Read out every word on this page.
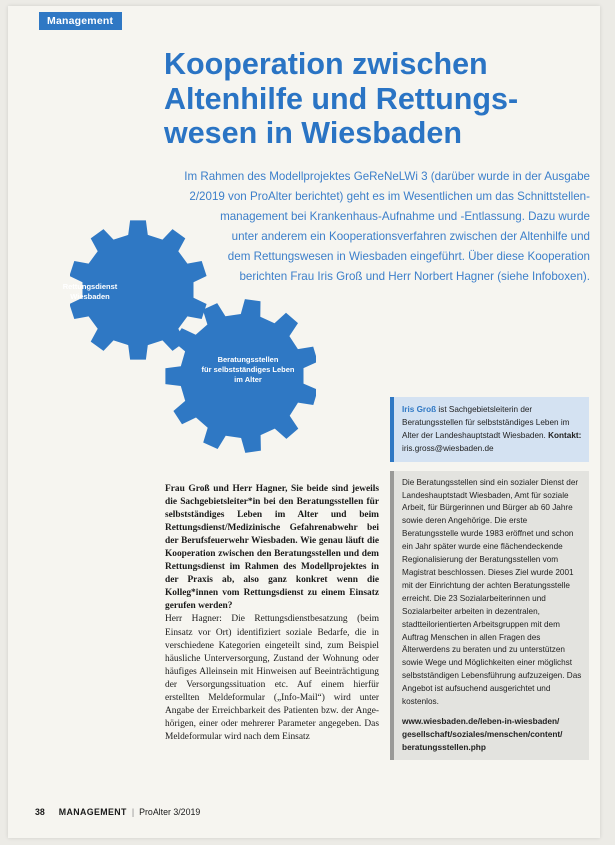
Management
Kooperation zwischen
Altenhilfe und Rettungs-
wesen in Wiesbaden
Im Rahmen des Modellprojektes GeReNeLWi 3 (darüber wurde in der Ausgabe
2/2019 von ProAlter berichtet) geht es im Wesentlichen um das Schnittstellen-
management bei Krankenhaus-Aufnahme und -Entlassung. Dazu wurde
unter anderem ein Kooperationsverfahren zwischen der Altenhilfe und
dem Rettungswesen in Wiesbaden eingeführt. Über diese Kooperation
berichten Frau Iris Groß und Herr Norbert Hagner (siehe Infoboxen).
Rettungsdienst
Wiesbaden
Beratungsstellen
für selbstständiges Leben
im Alter
Iris Groß ist Sachgebietsleiterin der Beratungsstellen für selbstständiges Leben im Alter der Landeshauptstadt Wiesbaden. Kontakt: iris.gross@wiesbaden.de
Die Beratungsstellen sind ein sozialer Dienst der Landeshauptstadt Wiesbaden, Amt für soziale Arbeit, für Bürgerinnen und Bürger ab 60 Jahre sowie deren Angehörige. Die erste Beratungsstelle wurde 1983 eröffnet und schon ein Jahr später wurde eine flächendeckende Regionalisierung der Beratungsstellen vom Magistrat beschlossen. Dieses Ziel wurde 2001 mit der Einrichtung der achten Beratungsstelle erreicht. Die 23 Sozialarbeiterinnen und Sozialarbeiter arbeiten in dezentralen, stadtteilorientierten Arbeitsgruppen mit dem Auftrag Menschen in allen Fragen des Älterwerdens zu beraten und zu unterstützen sowie Wege und Möglichkeiten einer möglichst selbstständigen Lebensführung aufzuzeigen. Das Angebot ist aufsuchend ausgerichtet und kostenlos.
www.wiesbaden.de/leben-in-wiesbaden/
gesellschaft/soziales/menschen/content/
beratungsstellen.php

Frau Groß und Herr Hagner, Sie beide sind jeweils die Sachgebietsleiter*in bei den Beratungsstellen für selbstständiges Leben im Alter und beim Rettungsdienst/Medizinische Gefahrenabwehr bei der Berufsfeuerwehr Wiesbaden. Wie genau läuft die Kooperation zwischen den Beratungsstellen und dem Rettungsdienst im Rahmen des Modellprojektes in der Praxis ab, also ganz konkret wenn die Kolleg*innen vom Rettungsdienst zu einem Einsatz gerufen werden?

Herr Hagner: Die Rettungsdienstbesatzung (beim Einsatz vor Ort) identifiziert soziale Bedarfe, die in verschiedene Kategorien eingeteilt sind, zum Beispiel häusliche Unterversorgung, Zustand der Wohnung oder häufiges Alleinsein mit Hinweisen auf Beeinträchtigung der Versorgungssituation etc. Auf einem hierfür erstellten Meldeformular („Info-Mail“) wird unter Angabe der Erreichbarkeit des Patienten bzw. der Angehörigen, einer oder mehrerer Parameter angegeben. Das Meldeformular wird nach dem Einsatz

38 MANAGEMENT | ProAlter 3/2019
